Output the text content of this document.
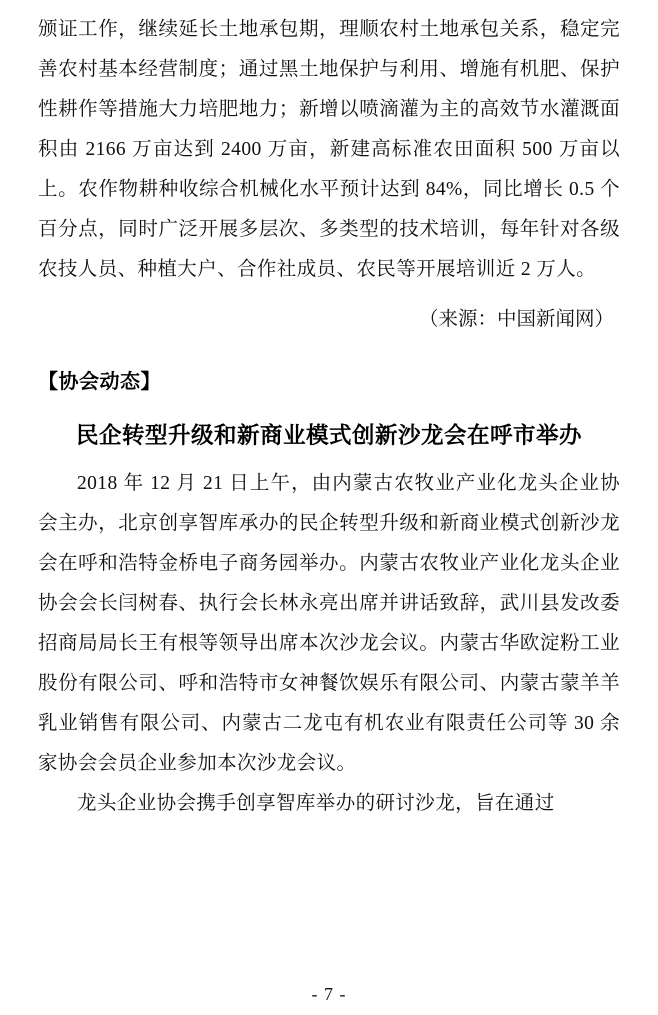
颁证工作，继续延长土地承包期，理顺农村土地承包关系，稳定完善农村基本经营制度；通过黑土地保护与利用、增施有机肥、保护性耕作等措施大力培肥地力；新增以喷滴灌为主的高效节水灌溉面积由 2166 万亩达到 2400 万亩，新建高标准农田面积 500 万亩以上。农作物耕种收综合机械化水平预计达到 84%，同比增长 0.5 个百分点，同时广泛开展多层次、多类型的技术培训，每年针对各级农技人员、种植大户、合作社成员、农民等开展培训近 2 万人。

（来源：中国新闻网）

【协会动态】

民企转型升级和新商业模式创新沙龙会在呼市举办

2018 年 12 月 21 日上午，由内蒙古农牧业产业化龙头企业协会主办，北京创享智库承办的民企转型升级和新商业模式创新沙龙会在呼和浩特金桥电子商务园举办。内蒙古农牧业产业化龙头企业协会会长闫树春、执行会长林永亮出席并讲话致辞，武川县发改委招商局局长王有根等领导出席本次沙龙会议。内蒙古华欧淀粉工业股份有限公司、呼和浩特市女神餐饮娱乐有限公司、内蒙古蒙羊羊乳业销售有限公司、内蒙古二龙屯有机农业有限责任公司等 30 余家协会会员企业参加本次沙龙会议。

龙头企业协会携手创享智库举办的研讨沙龙，旨在通过

- 7 -
